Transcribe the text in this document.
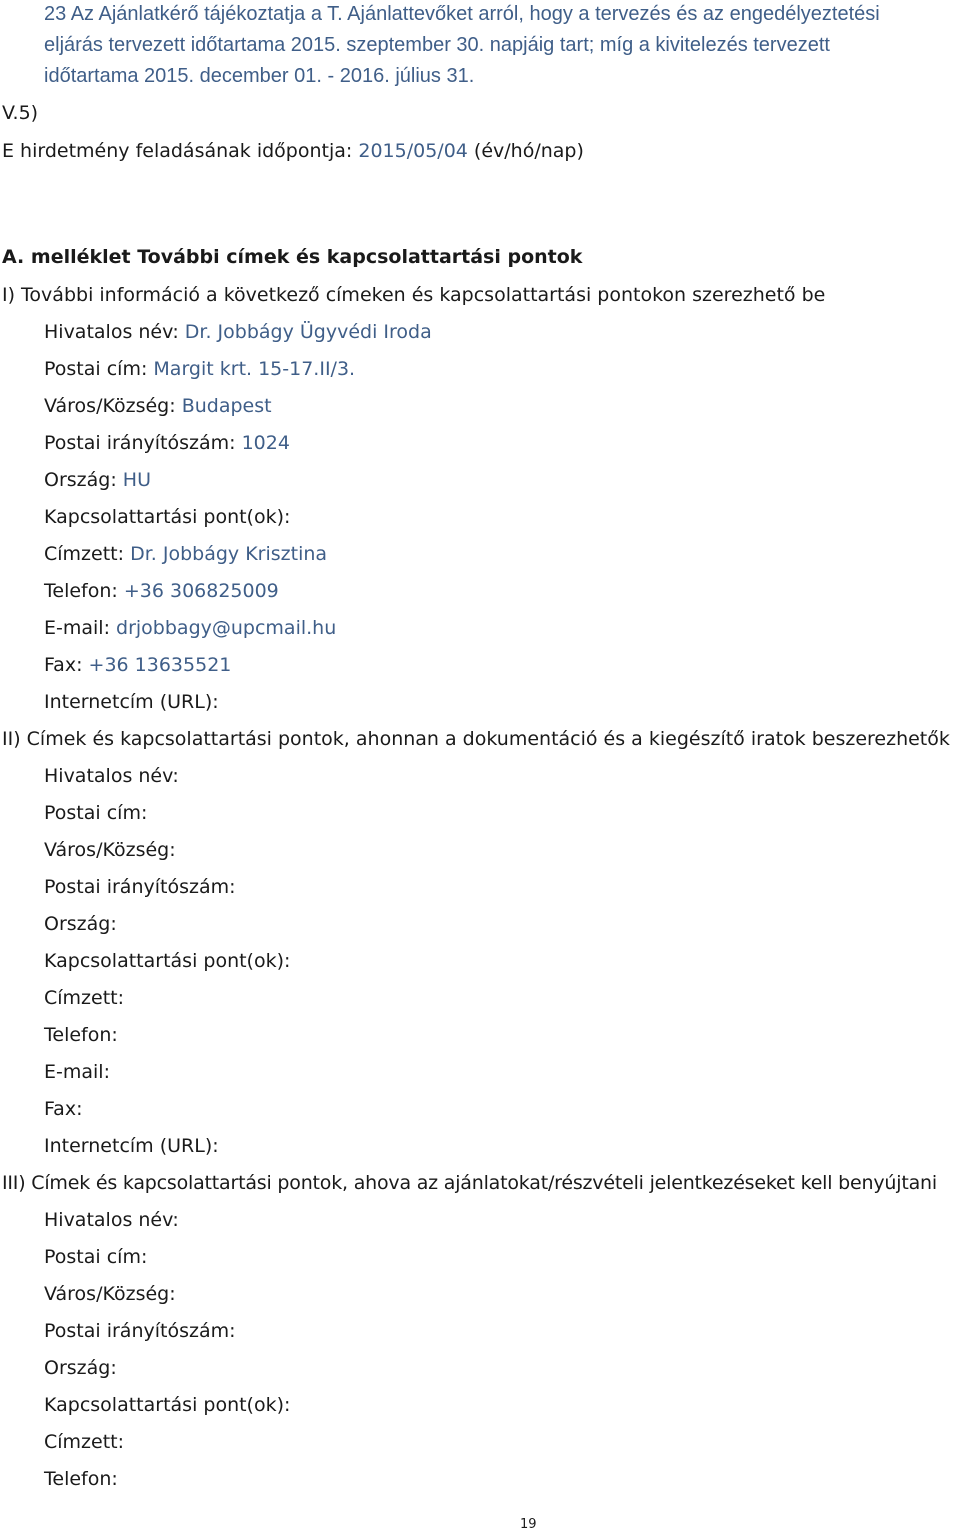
23 Az Ajánlatkérő tájékoztatja a T. Ajánlattevőket arról, hogy a tervezés és az engedélyeztetési
eljárás tervezett időtartama 2015. szeptember 30. napjáig tart; míg a kivitelezés tervezett
időtartama 2015. december 01. - 2016. július 31.
V.5)
E hirdetmény feladásának időpontja: 2015/05/04 (év/hó/nap)
A. melléklet További címek és kapcsolattartási pontok
I) További információ a következő címeken és kapcsolattartási pontokon szerezhető be
Hivatalos név: Dr. Jobbágy Ügyvédi Iroda
Postai cím: Margit krt. 15-17.II/3.
Város/Község: Budapest
Postai irányítószám: 1024
Ország: HU
Kapcsolattartási pont(ok):
Címzett: Dr. Jobbágy Krisztina
Telefon: +36 306825009
E-mail: drjobbagy@upcmail.hu
Fax: +36 13635521
Internetcím (URL):
II) Címek és kapcsolattartási pontok, ahonnan a dokumentáció és a kiegészítő iratok beszerezhetők
Hivatalos név:
Postai cím:
Város/Község:
Postai irányítószám:
Ország:
Kapcsolattartási pont(ok):
Címzett:
Telefon:
E-mail:
Fax:
Internetcím (URL):
III) Címek és kapcsolattartási pontok, ahova az ajánlatokat/részvételi jelentkezéseket kell benyújtani
Hivatalos név:
Postai cím:
Város/Község:
Postai irányítószám:
Ország:
Kapcsolattartási pont(ok):
Címzett:
Telefon:
19
